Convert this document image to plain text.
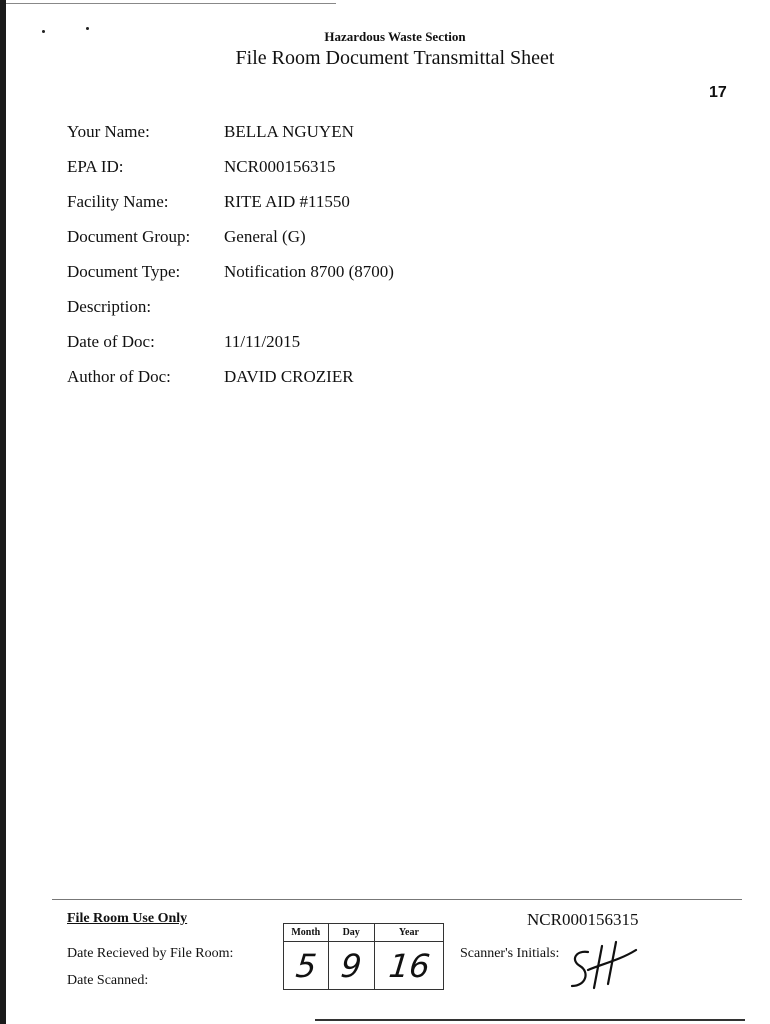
Hazardous Waste Section
File Room Document Transmittal Sheet
17
Your Name:	BELLA NGUYEN
EPA ID:	NCR000156315
Facility Name:	RITE AID #11550
Document Group: General (G)
Document Type:	Notification 8700 (8700)
Description:
Date of Doc:	11/11/2015
Author of Doc:	DAVID CROZIER
File Room Use Only
Date Recieved by File Room:
Date Scanned:
NCR000156315
Scanner's Initials:
Month	Day	Year
5	9	16
